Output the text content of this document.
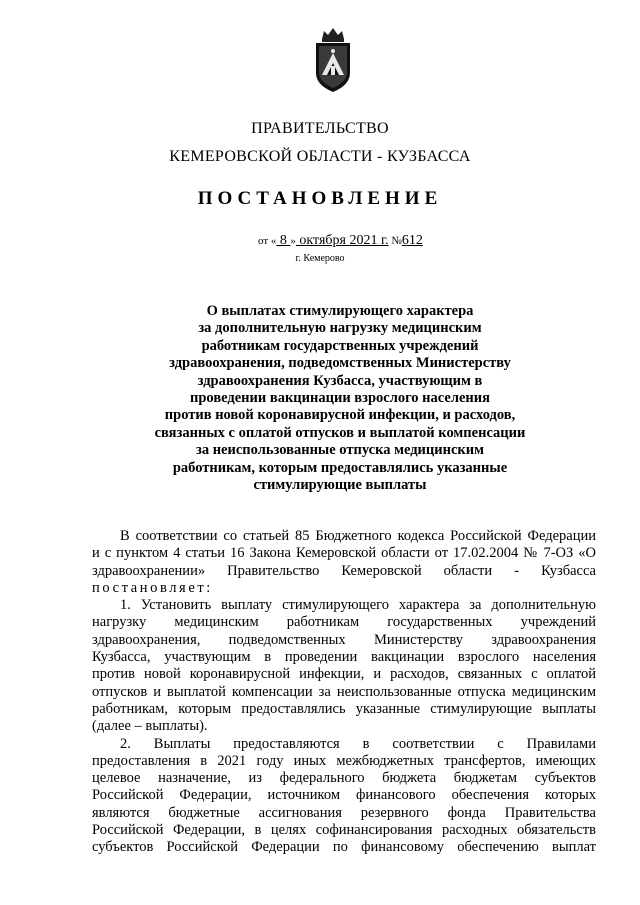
ПРАВИТЕЛЬСТВО
КЕМЕРОВСКОЙ ОБЛАСТИ - КУЗБАССА
ПОСТАНОВЛЕНИЕ
от « 8 » октября 2021 г. №612
г. Кемерово
О выплатах стимулирующего характера
за дополнительную нагрузку медицинским
работникам государственных учреждений
здравоохранения, подведомственных Министерству
здравоохранения Кузбасса, участвующим в
проведении вакцинации взрослого населения
против новой коронавирусной инфекции, и расходов,
связанных с оплатой отпусков и выплатой компенсации
за неиспользованные отпуска медицинским
работникам, которым предоставлялись указанные
стимулирующие выплаты
В соответствии со статьей 85 Бюджетного кодекса Российской Федерации
и с пунктом 4 статьи 16 Закона Кемеровской области от 17.02.2004 № 7-ОЗ «О
здравоохранении» Правительство Кемеровской области - Кузбасса
постановляет:
1. Установить выплату стимулирующего характера за дополнительную
нагрузку медицинским работникам государственных учреждений
здравоохранения, подведомственных Министерству здравоохранения
Кузбасса, участвующим в проведении вакцинации взрослого населения
против новой коронавирусной инфекции, и расходов, связанных с оплатой
отпусков и выплатой компенсации за неиспользованные отпуска медицинским
работникам, которым предоставлялись указанные стимулирующие выплаты
(далее – выплаты).
2. Выплаты предоставляются в соответствии с Правилами
предоставления в 2021 году иных межбюджетных трансфертов, имеющих
целевое назначение, из федерального бюджета бюджетам субъектов
Российской Федерации, источником финансового обеспечения которых
являются бюджетные ассигнования резервного фонда Правительства
Российской Федерации, в целях софинансирования расходных обязательств
субъектов Российской Федерации по финансовому обеспечению выплат
